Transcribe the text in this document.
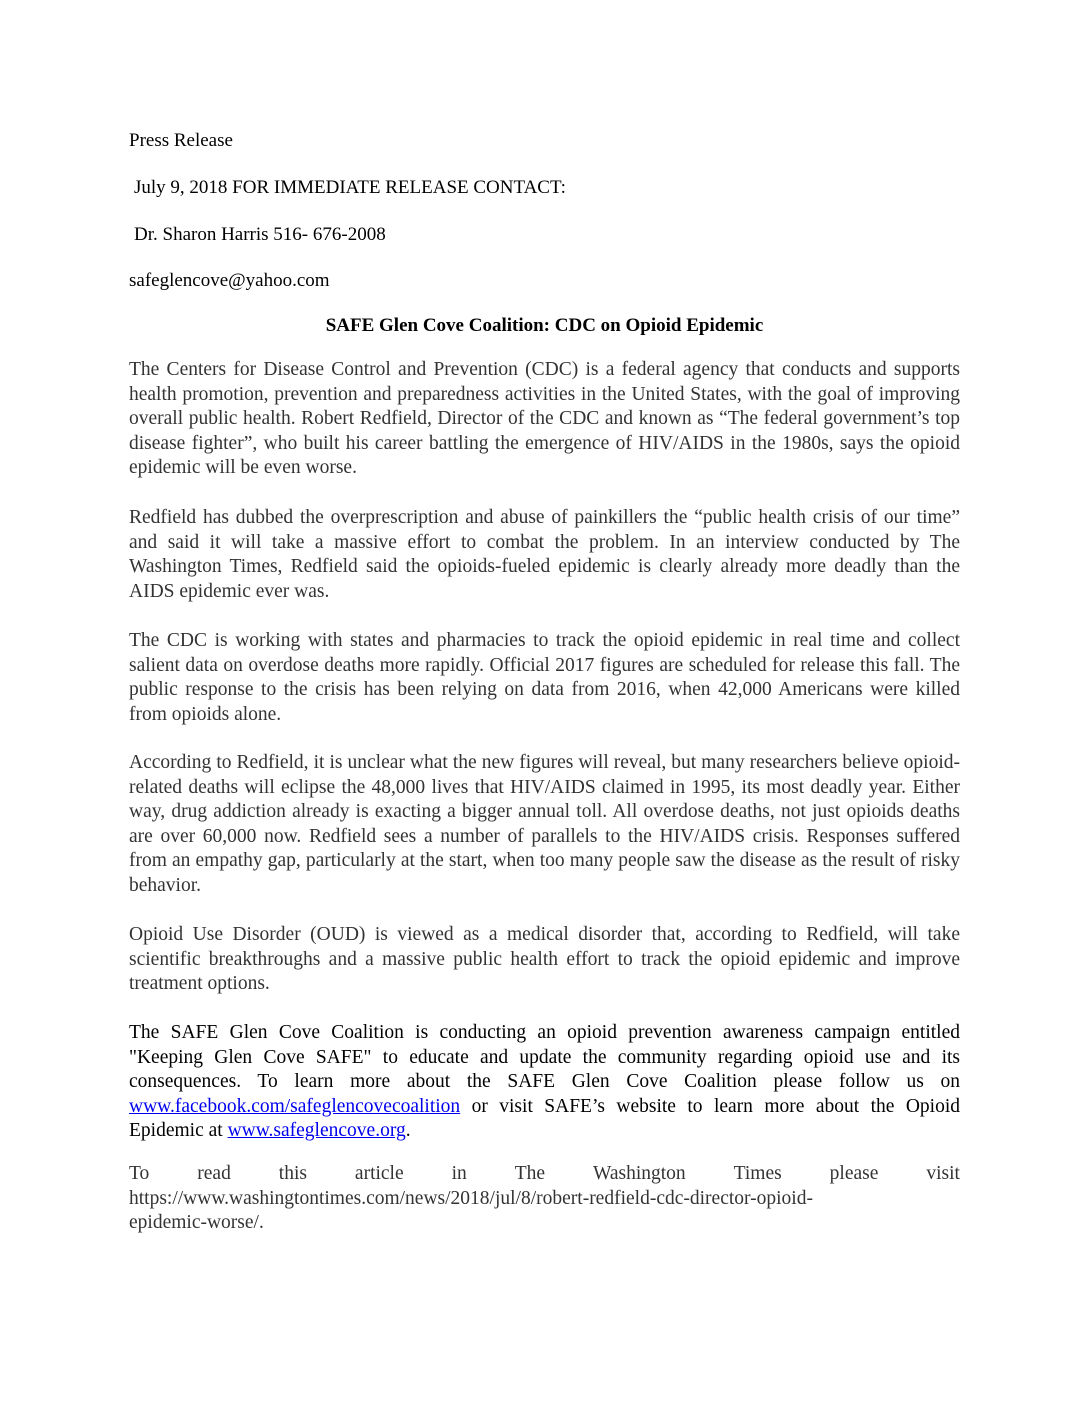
Press Release
July 9, 2018 FOR IMMEDIATE RELEASE CONTACT:
Dr. Sharon Harris 516- 676-2008
safeglencove@yahoo.com
SAFE Glen Cove Coalition: CDC on Opioid Epidemic

The Centers for Disease Control and Prevention (CDC) is a federal agency that conducts and supports health promotion, prevention and preparedness activities in the United States, with the goal of improving overall public health. Robert Redfield, Director of the CDC and known as “The federal government’s top disease fighter”, who built his career battling the emergence of HIV/AIDS in the 1980s, says the opioid epidemic will be even worse.

Redfield has dubbed the overprescription and abuse of painkillers the “public health crisis of our time” and said it will take a massive effort to combat the problem. In an interview conducted by The Washington Times, Redfield said the opioids-fueled epidemic is clearly already more deadly than the AIDS epidemic ever was.

The CDC is working with states and pharmacies to track the opioid epidemic in real time and collect salient data on overdose deaths more rapidly. Official 2017 figures are scheduled for release this fall. The public response to the crisis has been relying on data from 2016, when 42,000 Americans were killed from opioids alone.

According to Redfield, it is unclear what the new figures will reveal, but many researchers believe opioid-related deaths will eclipse the 48,000 lives that HIV/AIDS claimed in 1995, its most deadly year. Either way, drug addiction already is exacting a bigger annual toll. All overdose deaths, not just opioids deaths are over 60,000 now. Redfield sees a number of parallels to the HIV/AIDS crisis. Responses suffered from an empathy gap, particularly at the start, when too many people saw the disease as the result of risky behavior.

Opioid Use Disorder (OUD) is viewed as a medical disorder that, according to Redfield, will take scientific breakthroughs and a massive public health effort to track the opioid epidemic and improve treatment options.

The SAFE Glen Cove Coalition is conducting an opioid prevention awareness campaign entitled "Keeping Glen Cove SAFE" to educate and update the community regarding opioid use and its consequences. To learn more about the SAFE Glen Cove Coalition please follow us on www.facebook.com/safeglencovecoalition or visit SAFE’s website to learn more about the Opioid Epidemic at www.safeglencove.org.

To read this article in The Washington Times please visit
https://www.washingtontimes.com/news/2018/jul/8/robert-redfield-cdc-director-opioid-
epidemic-worse/.
